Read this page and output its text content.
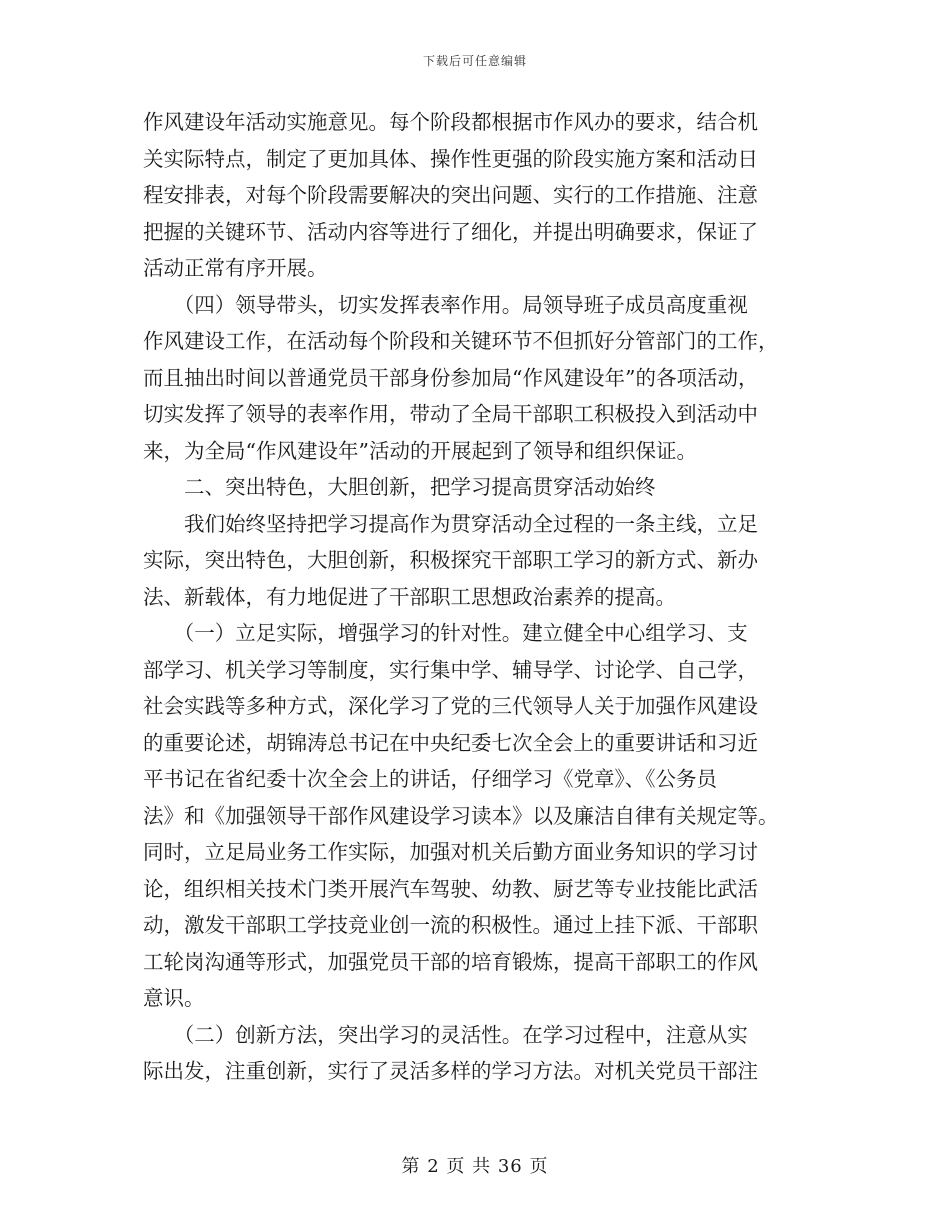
下载后可任意编辑
作风建设年活动实施意见。每个阶段都根据市作风办的要求，结合机
关实际特点，制定了更加具体、操作性更强的阶段实施方案和活动日
程安排表，对每个阶段需要解决的突出问题、实行的工作措施、注意
把握的关键环节、活动内容等进行了细化，并提出明确要求，保证了
活动正常有序开展。
　　（四）领导带头，切实发挥表率作用。局领导班子成员高度重视
作风建设工作，在活动每个阶段和关键环节不但抓好分管部门的工作，
而且抽出时间以普通党员干部身份参加局“作风建设年”的各项活动，
切实发挥了领导的表率作用，带动了全局干部职工积极投入到活动中
来，为全局“作风建设年”活动的开展起到了领导和组织保证。
　　二、突出特色，大胆创新，把学习提高贯穿活动始终
　　我们始终坚持把学习提高作为贯穿活动全过程的一条主线，立足
实际，突出特色，大胆创新，积极探究干部职工学习的新方式、新办
法、新载体，有力地促进了干部职工思想政治素养的提高。
　　（一）立足实际，增强学习的针对性。建立健全中心组学习、支
部学习、机关学习等制度，实行集中学、辅导学、讨论学、自己学，
社会实践等多种方式，深化学习了党的三代领导人关于加强作风建设
的重要论述，胡锦涛总书记在中央纪委七次全会上的重要讲话和习近
平书记在省纪委十次全会上的讲话，仔细学习《党章》、《公务员
法》和《加强领导干部作风建设学习读本》以及廉洁自律有关规定等。
同时，立足局业务工作实际，加强对机关后勤方面业务知识的学习讨
论，组织相关技术门类开展汽车驾驶、幼教、厨艺等专业技能比武活
动，激发干部职工学技竞业创一流的积极性。通过上挂下派、干部职
工轮岗沟通等形式，加强党员干部的培育锻炼，提高干部职工的作风
意识。
　　（二）创新方法，突出学习的灵活性。在学习过程中，注意从实
际出发，注重创新，实行了灵活多样的学习方法。对机关党员干部注
第 2 页 共 36 页
